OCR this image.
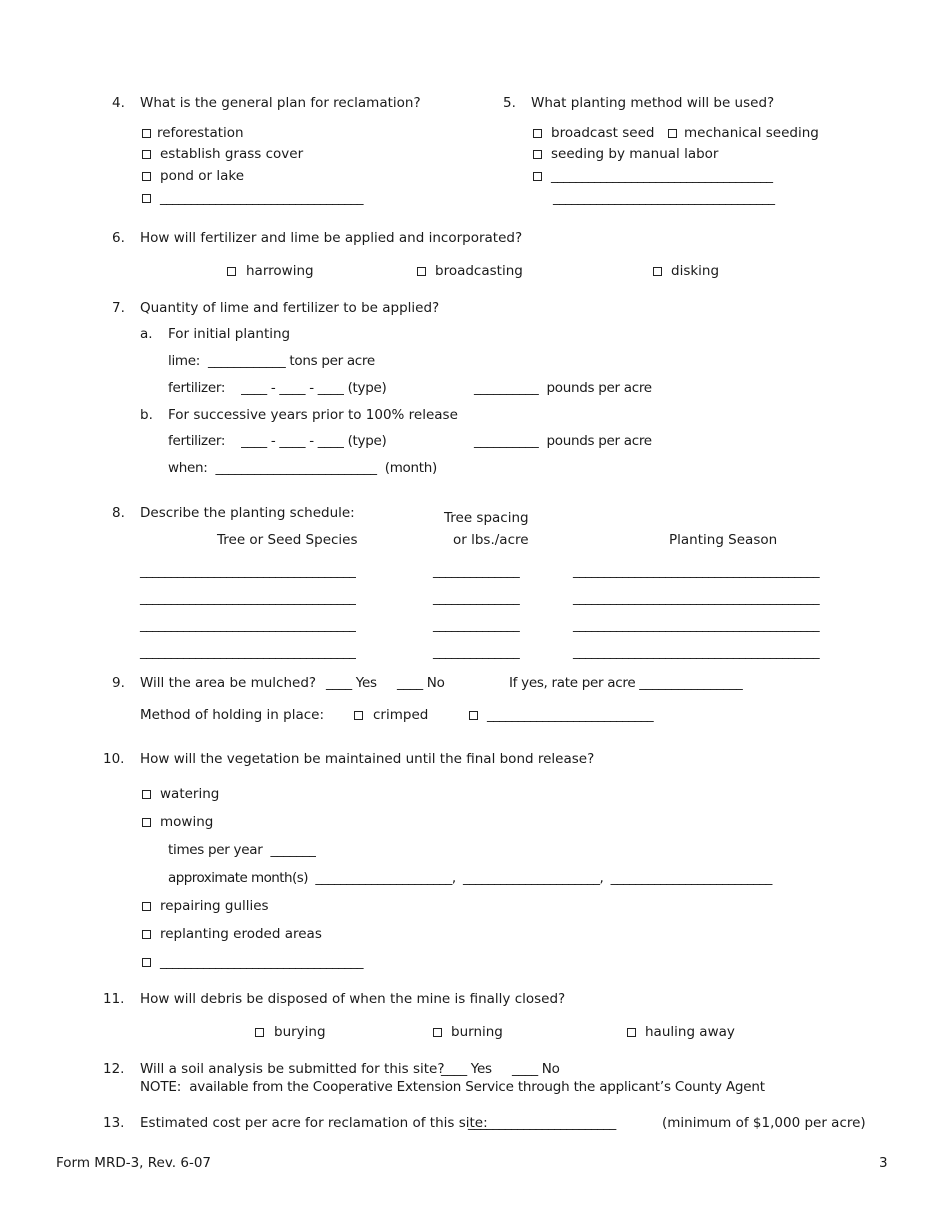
4. What is the general plan for reclamation?
reforestation
establish grass cover
pond or lake
_________________________________
5. What planting method will be used?
broadcast seed mechanical seeding
seeding by manual labor
____________________________________
____________________________________
6. How will fertilizer and lime be applied and incorporated?
harrowing	broadcasting	disking
7. Quantity of lime and fertilizer to be applied?
a. For initial planting
lime:  ____________ tons per acre
fertilizer:    ____ - ____ - ____ (type)	__________  pounds per acre
b. For successive years prior to 100% release
fertilizer:    ____ - ____ - ____ (type)	__________  pounds per acre
when:  _________________________  (month)
8. Describe the planting schedule:	Tree spacing
Tree or Seed Species	or lbs./acre	Planting Season
___________________________________	______________	________________________________________
___________________________________	______________	________________________________________
___________________________________	______________	________________________________________
___________________________________	______________	________________________________________
9. Will the area be mulched? ____ Yes ____ No	If yes, rate per acre ________________
Method of holding in place:	crimped	___________________________
10. How will the vegetation be maintained until the final bond release?
watering
mowing
times per year  _______
approximate month(s)  ______________________,  ______________________,  __________________________
repairing gullies
replanting eroded areas
_________________________________
11. How will debris be disposed of when the mine is finally closed?
burying	burning	hauling away
12. Will a soil analysis be submitted for this site?
____ Yes ____ No
NOTE:  available from the Cooperative Extension Service through the applicant’s County Agent
13. Estimated cost per acre for reclamation of this site:
________________________	(minimum of $1,000 per acre)
Form MRD-3, Rev. 6-07	3
